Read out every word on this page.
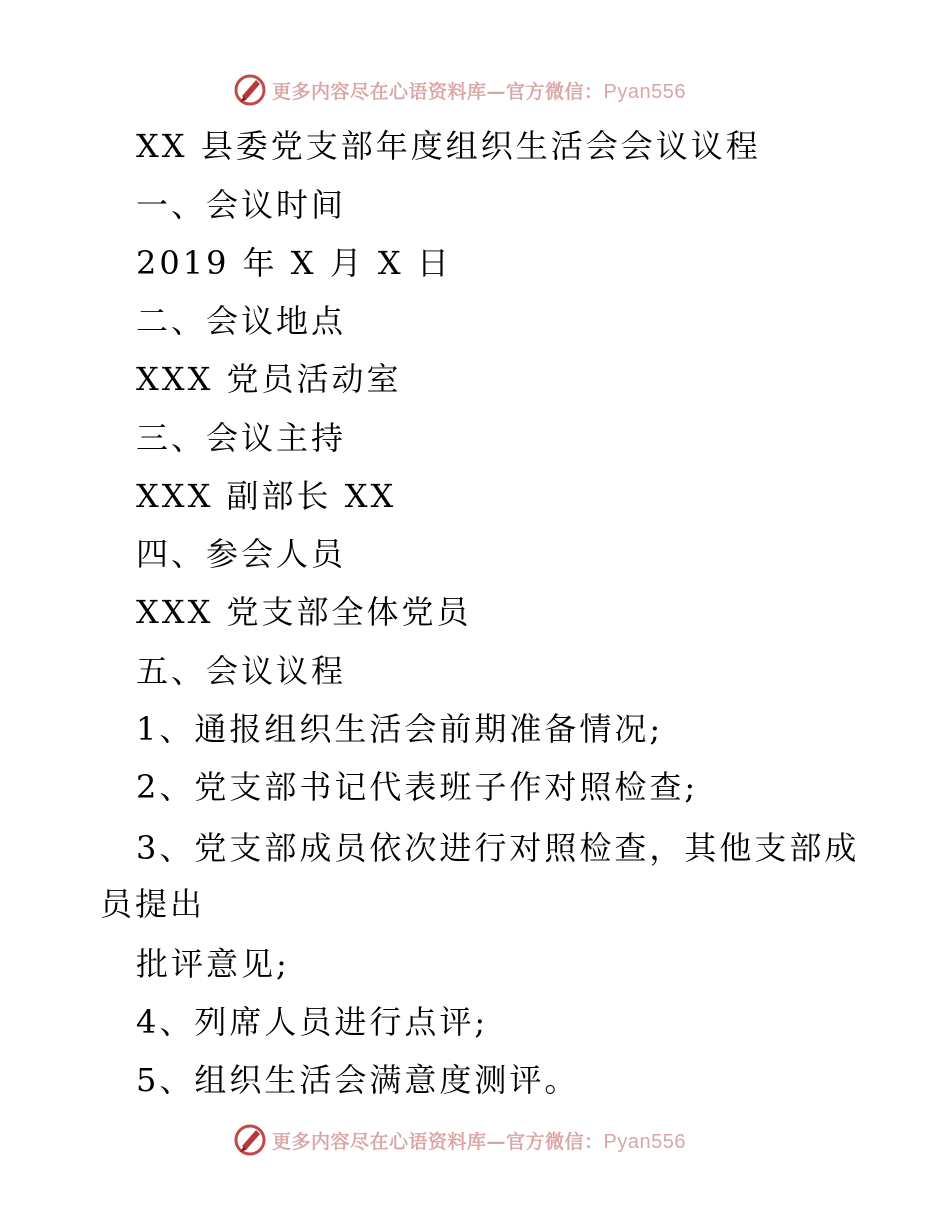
更多内容尽在心语资料库—官方微信：Pyan556
XX 县委党支部年度组织生活会会议议程
一、会议时间
2019 年 X 月 X 日
二、会议地点
XXX 党员活动室
三、会议主持
XXX 副部长 XX
四、参会人员
XXX 党支部全体党员
五、会议议程
1、通报组织生活会前期准备情况;
2、党支部书记代表班子作对照检查;
3、党支部成员依次进行对照检查，其他支部成
员提出
批评意见;
4、列席人员进行点评;
5、组织生活会满意度测评。
更多内容尽在心语资料库—官方微信：Pyan556
